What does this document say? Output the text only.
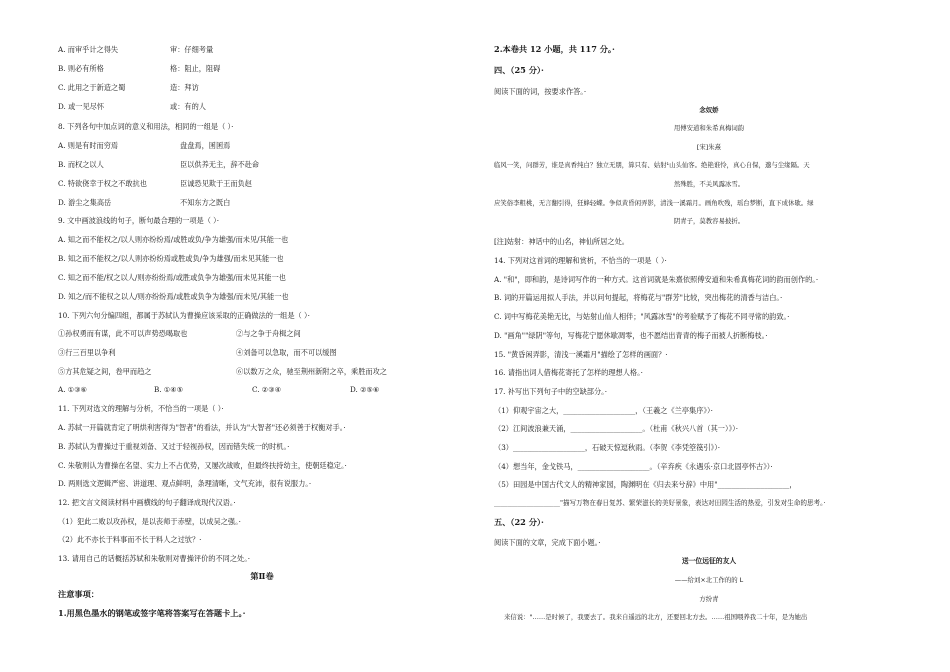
A. 而审乎计之得失	审：仔细考量
B. 则必有所格	格：阻止，阻碍
C. 此用之于新造之蜀	造：拜访
D. 或一见尽怀	或：有的人
8. 下列各句中加点词的意义和用法，相同的一组是（ ）·
A. 则是有时而穷焉	盘盘焉，囷囷焉
B. 而权之以人	臣以供养无主，辞不赴命
C. 特欲侥幸于权之不敢抗也	臣诚恐见欺于王而负赵
D. 游尘之集高岳	不知东方之既白
9. 文中画波浪线的句子，断句最合理的一项是（ ）·
A. 知之而不能权之/以人则亦纷纷焉/或胜或负/争为雄强/而未见/其能一也
B. 知之而不能权之/以人则亦纷纷焉或胜或负/争为雄强/而未见其能一也
C. 知之而不能/权之以人/则亦纷纷焉/或胜或负争为雄强/而未见其能一也
D. 知之/而不能权之以人/则亦纷纷焉/或胜或负争为雄强/而未见/其能一也
10. 下列六句分编四组，都属于苏轼认为曹操应该采取的正确做法的一组是（ ）·
①孙权勇而有谋，此不可以声势恐喝取也	②与之争于舟楫之间
③行三百里以争利	④刘备可以急取，而不可以缓图
⑤方其危疑之间，卷甲而趋之	⑥以数万之众，驰至荆州新附之卒，乘胜而攻之
A. ①③⑥	B. ①④⑤	C. ②③④	D. ②⑤⑥
11. 下列对选文的理解与分析，不恰当的一项是（ ）·
A. 苏轼一开篇就肯定了明烘利害得为"智者"的看法，并认为"大智者"还必须善于权衡对手。·
B. 苏轼认为曹操过于重视刘备、又过于轻视孙权，因而错失统一的时机。·
C. 朱敬则认为曹操在名望、实力上不占优势，又屡次战败，但最终扶持幼主，使朝廷稳定。·
D. 两则选文逻辑严密、讲道理、观点鲜明，条理清晰，文气充沛，很有说服力。·
12. 把文言文阅读材料中画横线的句子翻译成现代汉语。·
（1）犯此二败以攻孙权，是以丧师于赤壁，以成吴之强。·
（2）此不亦长于料事而不长于料人之过欤？·
13. 请用自己的话概括苏轼和朱敬则对曹操评价的不同之处。·
第Ⅱ卷
注意事项：
1.用黑色墨水的钢笔或签字笔将答案写在答题卡上。·
2.本卷共 12 小题，共 117 分。·
四、（25 分）·
阅读下面的词，按要求作答。·
念奴娇
用傅安道和朱希真梅词韵
[宋]朱熹
临风一笑，问群芳，谁是真香纯白？独立无朋，算只有、姑射¹山头仙客。绝艳谁怜，真心自保，邈与尘缘隔。天
然殊胜，不关风露冰雪。
应笑俗李粗桃，无言翻引得，狂蜂轻蝶。争似黄昏闲弄影，清浅一溪霜月。画角吹残，瑶台梦断，直下成休歇。绿
阴青子，莫教容易披折。
[注]姑射：神话中的山名，神仙所居之处。
14. 下列对这首词的理解和赏析，不恰当的一项是（ ）·
A. "和"，即和韵，是诗词写作的一种方式。这首词就是朱熹依照傅安道和朱希真梅花词的韵而创作的。·
B. 词的开篇运用拟人手法，并以问句提起，将梅花与"群芳"比较，突出梅花的清香与洁白。·
C. 词中写梅花美艳无比，与姑射山仙人相伴；"风露冰雪"的考验赋予了梅花不同寻常的韵致。·
D. "画角""绿阴"等句，写梅花宁愿休歇凋零，也不愿结出青青的梅子而被人折断梅枝。·
15. "黄昏闲弄影，清浅一溪霜月"描绘了怎样的画面？·
16. 请指出词人借梅花寄托了怎样的理想人格。·
17. 补写出下列句子中的空缺部分。·
（1）仰观宇宙之大，____________________，（王羲之《兰亭集序》）·
（2）江间波浪兼天涌，____________________。（杜甫《秋兴八首（其一）》）·
（3）____________________，石破天惊逗秋雨。（李贺《李凭箜篌引》）·
（4）想当年，金戈铁马，____________________。（辛弃疾《永遇乐·京口北固亭怀古》）·
（5）田园是中国古代文人的精神家园，陶渊明在《归去来兮辞》中用"____________________，
____________________"描写万物在春日复苏、繁荣滋长的美好景象，表达对田园生活的热爱，引发对生命的思考。·
五、（22 分）·
阅读下面的文章，完成下面小题。·
送一位远征的友人
——给刘×北工作的的 L
方纷青
来信说："……是时候了，我要去了。我来自遥远的北方，还要回北方去。……祖国喂养我二十年，是为她出
